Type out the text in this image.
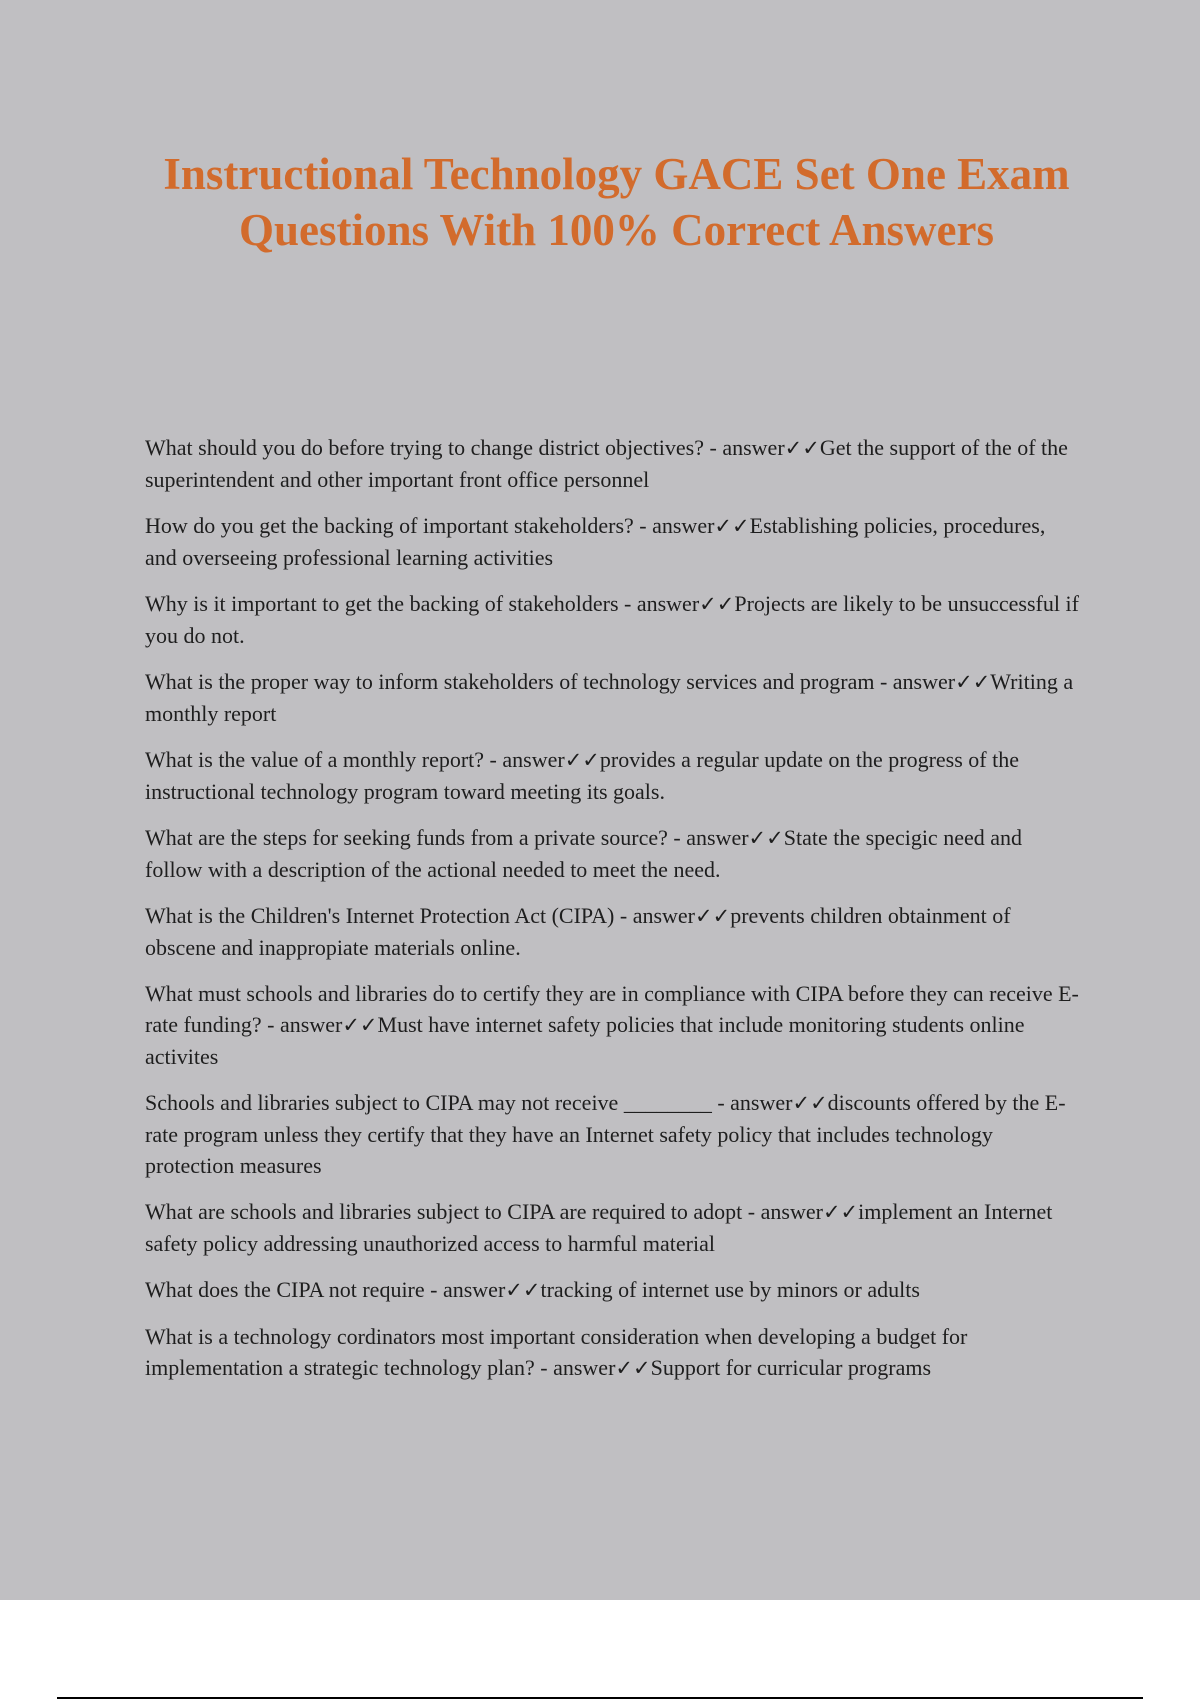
Instructional Technology GACE Set One Exam Questions With 100% Correct Answers
What should you do before trying to change district objectives? - answer✓✓Get the support of the of the superintendent and other important front office personnel
How do you get the backing of important stakeholders? - answer✓✓Establishing policies, procedures, and overseeing professional learning activities
Why is it important to get the backing of stakeholders - answer✓✓Projects are likely to be unsuccessful if you do not.
What is the proper way to inform stakeholders of technology services and program - answer✓✓Writing a monthly report
What is the value of a monthly report? - answer✓✓provides a regular update on the progress of the instructional technology program toward meeting its goals.
What are the steps for seeking funds from a private source? - answer✓✓State the specigic need and follow with a description of the actional needed to meet the need.
What is the Children's Internet Protection Act (CIPA) - answer✓✓prevents children obtainment of obscene and inappropiate materials online.
What must schools and libraries do to certify they are in compliance with CIPA before they can receive E-rate funding? - answer✓✓Must have internet safety policies that include monitoring students online activites
Schools and libraries subject to CIPA may not receive ________ - answer✓✓discounts offered by the E-rate program unless they certify that they have an Internet safety policy that includes technology protection measures
What are schools and libraries subject to CIPA are required to adopt - answer✓✓implement an Internet safety policy addressing unauthorized access to harmful material
What does the CIPA not require - answer✓✓tracking of internet use by minors or adults
What is a technology cordinators most important consideration when developing a budget for implementation a strategic technology plan? - answer✓✓Support for curricular programs
